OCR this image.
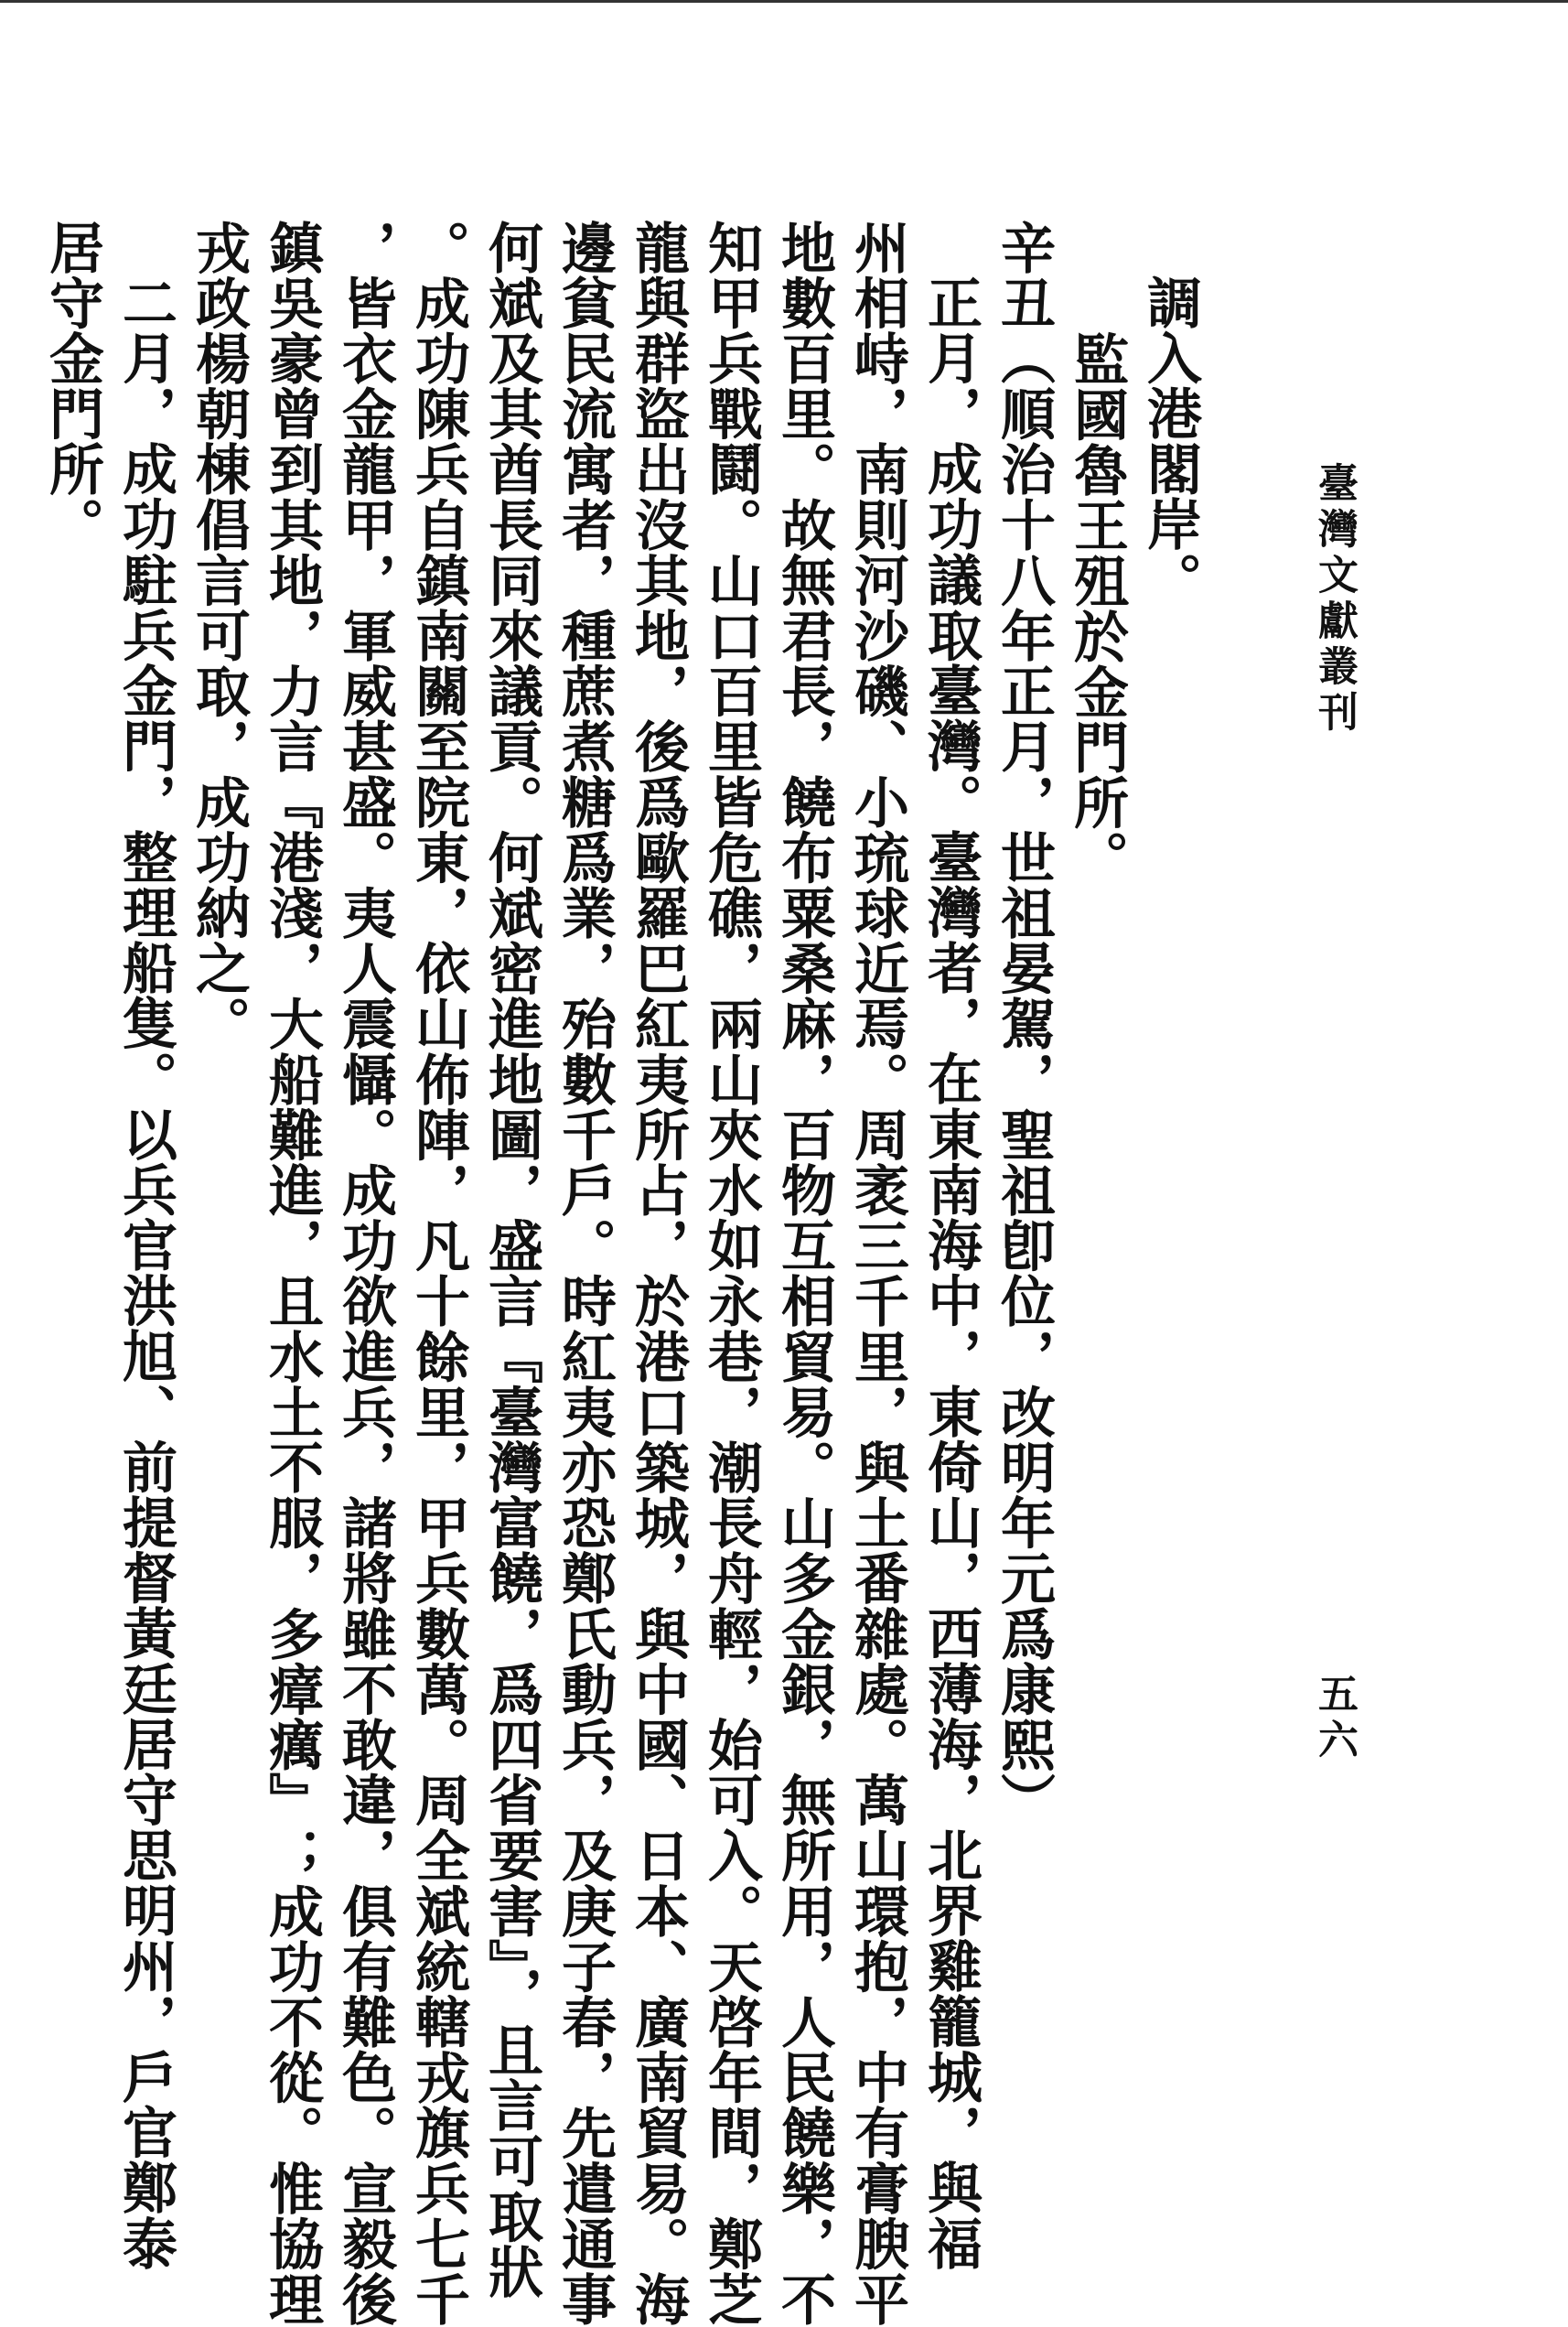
臺灣文獻叢刊
五六

調入港閣岸。

監國魯王殂於金門所。

辛丑（順治十八年正月，世祖晏駕，聖祖卽位，改明年元爲康熙）

正月，成功議取臺灣。臺灣者，在東南海中，東倚山，西薄海，北界雞籠城，與福

州相峙，南則河沙磯、小琉球近焉。周袤三千里，與土番雜處。萬山環抱，中有膏腴平

地數百里。故無君長，饒布粟桑麻，百物互相貿易。山多金銀，無所用，人民饒樂，不

知甲兵戰鬪。山口百里皆危礁，兩山夾水如永巷，潮長舟輕，始可入。天啓年間，鄭芝

龍與群盜出沒其地，後爲歐羅巴紅夷所占，於港口築城，與中國、日本、廣南貿易。海

邊貧民流寓者，種蔗煮糖爲業，殆數千戶。時紅夷亦恐鄭氏動兵，及庚子春，先遣通事

何斌及其酋長同來議貢。何斌密進地圖，盛言『臺灣富饒，爲四省要害』，且言可取狀

。成功陳兵自鎮南關至院東，依山佈陣，凡十餘里，甲兵數萬。周全斌統轄戎旗兵七千

，皆衣金龍甲，軍威甚盛。夷人震懾。成功欲進兵，諸將雖不敢違，俱有難色。宣毅後

鎮吳豪曾到其地，力言『港淺，大船難進，且水土不服，多瘴癘』；成功不從。惟協理

戎政楊朝棟倡言可取，成功納之。

二月，成功駐兵金門，整理船隻。以兵官洪旭、前提督黃廷居守思明州，戶官鄭泰

居守金門所。
